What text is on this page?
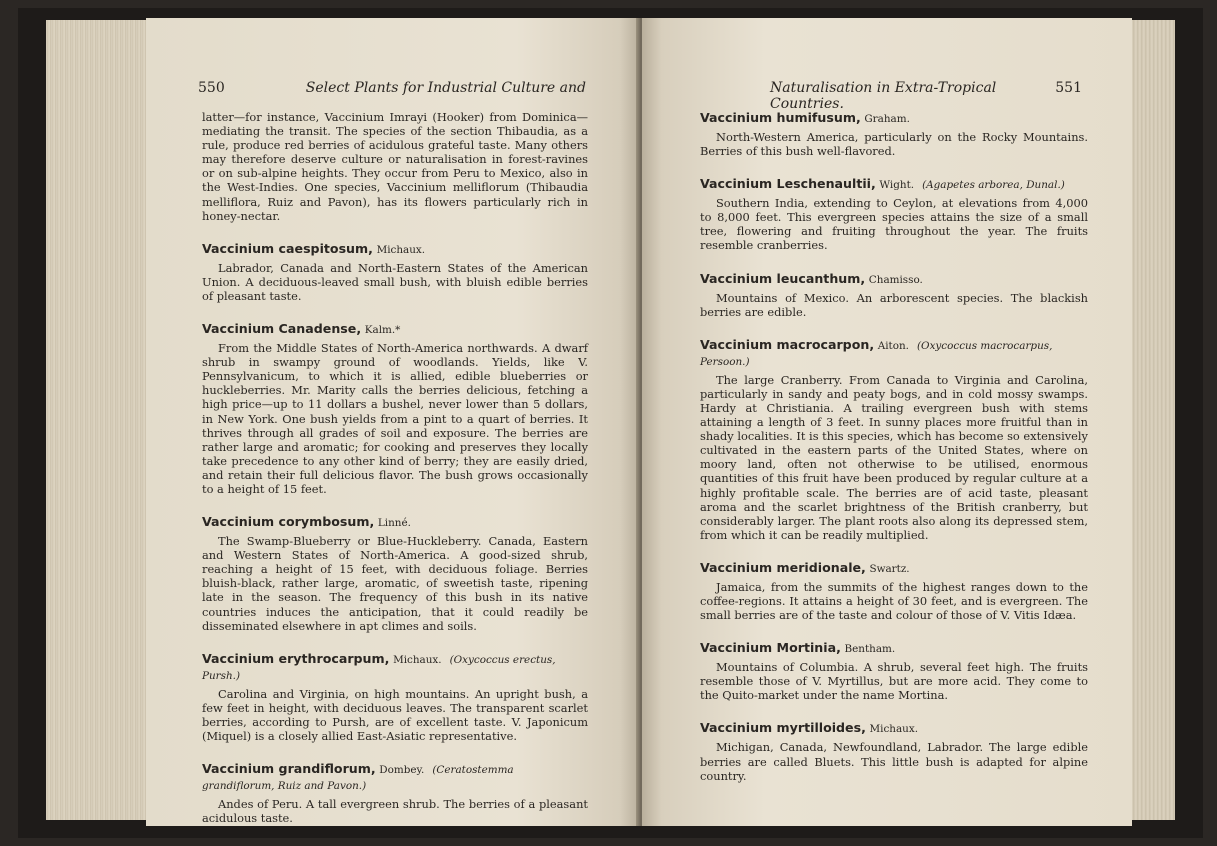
550	Select Plants for Industrial Culture and

latter—for instance, Vaccinium Imrayi (Hooker) from Dominica—mediating the transit. The species of the section Thibaudia, as a rule, produce red berries of acidulous grateful taste. Many others may therefore deserve culture or naturalisation in forest-ravines or on sub-alpine heights. They occur from Peru to Mexico, also in the West-Indies. One species, Vaccinium melliflorum (Thibaudia melliflora, Ruiz and Pavon), has its flowers particularly rich in honey-nectar.

Vaccinium caespitosum, Michaux.

Labrador, Canada and North-Eastern States of the American Union. A deciduous-leaved small bush, with bluish edible berries of pleasant taste.

Vaccinium Canadense, Kalm.*

From the Middle States of North-America northwards. A dwarf shrub in swampy ground of woodlands. Yields, like V. Pennsylvanicum, to which it is allied, edible blueberries or huckleberries. Mr. Marity calls the berries delicious, fetching a high price—up to 11 dollars a bushel, never lower than 5 dollars, in New York. One bush yields from a pint to a quart of berries. It thrives through all grades of soil and exposure. The berries are rather large and aromatic; for cooking and preserves they locally take precedence to any other kind of berry; they are easily dried, and retain their full delicious flavor. The bush grows occasionally to a height of 15 feet.

Vaccinium corymbosum, Linné.

The Swamp-Blueberry or Blue-Huckleberry. Canada, Eastern and Western States of North-America. A good-sized shrub, reaching a height of 15 feet, with deciduous foliage. Berries bluish-black, rather large, aromatic, of sweetish taste, ripening late in the season. The frequency of this bush in its native countries induces the anticipation, that it could readily be disseminated elsewhere in apt climes and soils.

Vaccinium erythrocarpum, Michaux. (Oxycoccus erectus, Pursh.)

Carolina and Virginia, on high mountains. An upright bush, a few feet in height, with deciduous leaves. The transparent scarlet berries, according to Pursh, are of excellent taste. V. Japonicum (Miquel) is a closely allied East-Asiatic representative.

Vaccinium grandiflorum, Dombey. (Ceratostemma grandiflorum, Ruiz and Pavon.)

Andes of Peru. A tall evergreen shrub. The berries of a pleasant acidulous taste.

Naturalisation in Extra-Tropical Countries.
551
Vaccinium humifusum, Graham.

North-Western America, particularly on the Rocky Mountains. Berries of this bush well-flavored.

Vaccinium Leschenaultii, Wight. (Agapetes arborea, Dunal.)

Southern India, extending to Ceylon, at elevations from 4,000 to 8,000 feet. This evergreen species attains the size of a small tree, flowering and fruiting throughout the year. The fruits resemble cranberries.

Vaccinium leucanthum, Chamisso.

Mountains of Mexico. An arborescent species. The blackish berries are edible.

Vaccinium macrocarpon, Aiton. (Oxycoccus macrocarpus, Persoon.)

The large Cranberry. From Canada to Virginia and Carolina, particularly in sandy and peaty bogs, and in cold mossy swamps. Hardy at Christiania. A trailing evergreen bush with stems attaining a length of 3 feet. In sunny places more fruitful than in shady localities. It is this species, which has become so extensively cultivated in the eastern parts of the United States, where on moory land, often not otherwise to be utilised, enormous quantities of this fruit have been produced by regular culture at a highly profitable scale. The berries are of acid taste, pleasant aroma and the scarlet brightness of the British cranberry, but considerably larger. The plant roots also along its depressed stem, from which it can be readily multiplied.

Vaccinium meridionale, Swartz.

Jamaica, from the summits of the highest ranges down to the coffee-regions. It attains a height of 30 feet, and is evergreen. The small berries are of the taste and colour of those of V. Vitis Idæa.

Vaccinium Mortinia, Bentham.

Mountains of Columbia. A shrub, several feet high. The fruits resemble those of V. Myrtillus, but are more acid. They come to the Quito-market under the name Mortina.

Vaccinium myrtilloides, Michaux.

Michigan, Canada, Newfoundland, Labrador. The large edible berries are called Bluets. This little bush is adapted for alpine country.
